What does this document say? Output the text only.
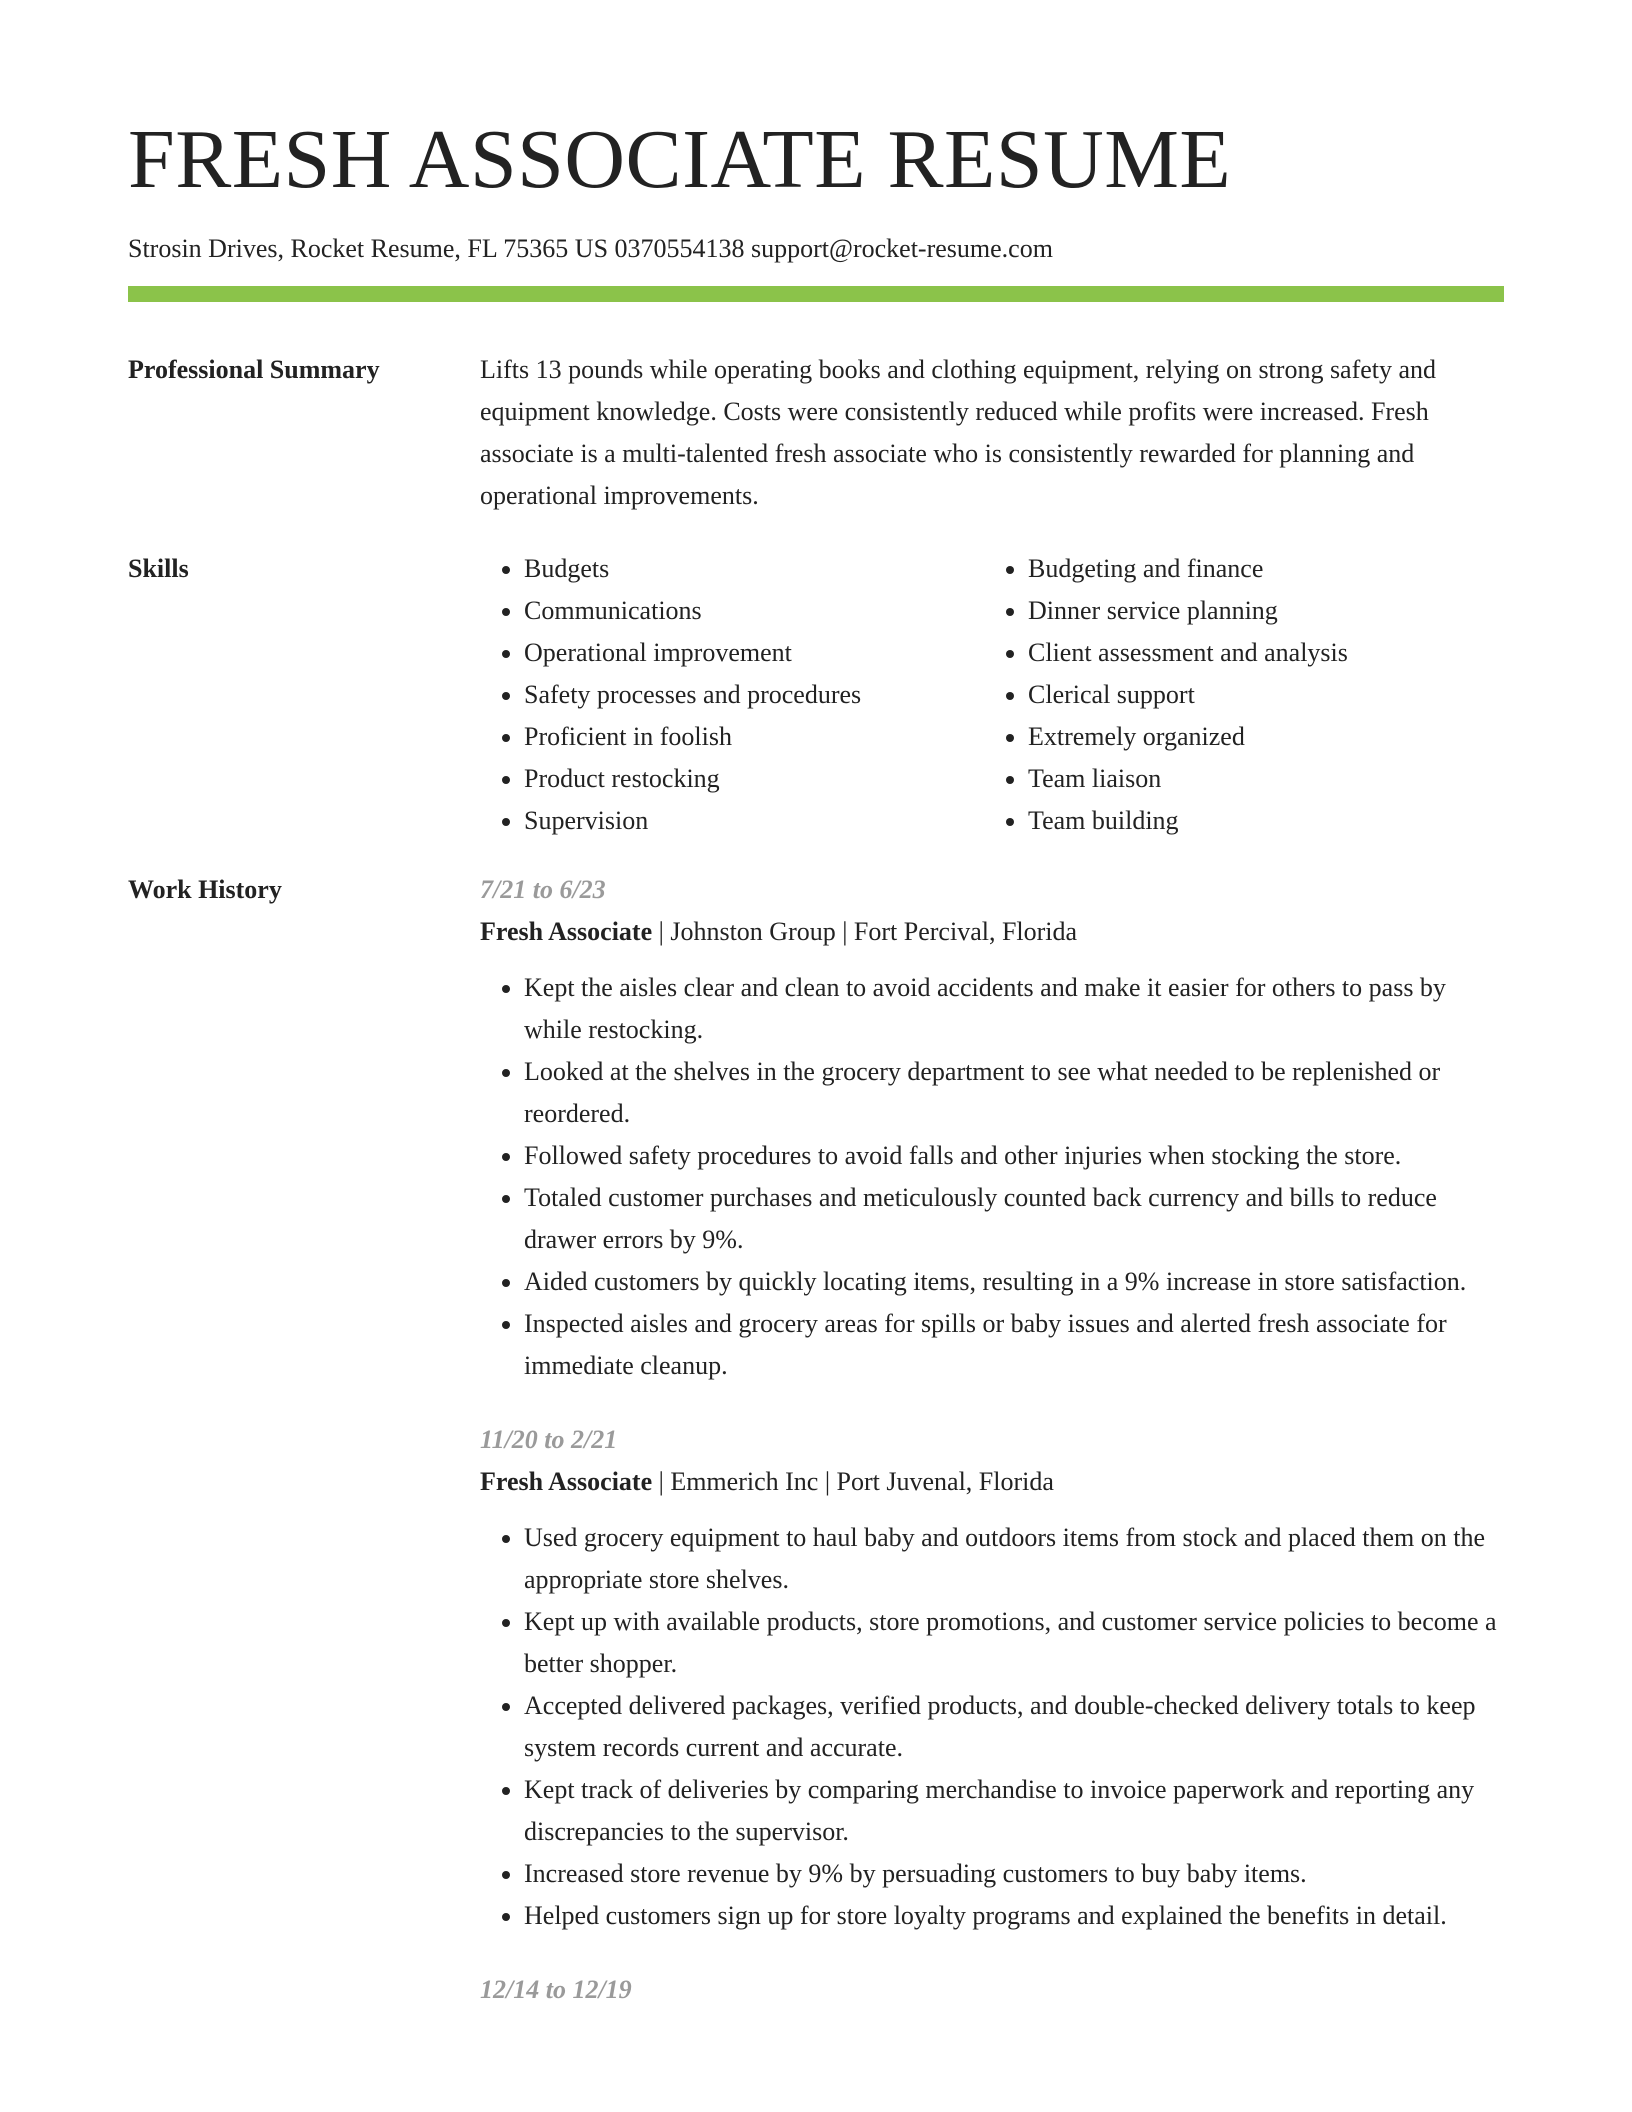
FRESH ASSOCIATE RESUME
Strosin Drives, Rocket Resume, FL 75365 US 0370554138 support@rocket-resume.com
Professional Summary	Lifts 13 pounds while operating books and clothing equipment, relying on strong safety and equipment knowledge. Costs were consistently reduced while profits were increased. Fresh associate is a multi-talented fresh associate who is consistently rewarded for planning and operational improvements.

Skills
•	Budgets
• Communications
• Operational improvement
• Safety processes and procedures
• Proficient in foolish
• Product restocking
• Supervision
• Budgeting and finance
• Dinner service planning
• Client assessment and analysis
• Clerical support
• Extremely organized
• Team liaison
• Team building
Work History	7/21 to 6/23
Fresh Associate | Johnston Group | Fort Percival, Florida
• Kept the aisles clear and clean to avoid accidents and make it easier for others to pass by while restocking.
• Looked at the shelves in the grocery department to see what needed to be replenished or reordered.
• Followed safety procedures to avoid falls and other injuries when stocking the store.
• Totaled customer purchases and meticulously counted back currency and bills to reduce drawer errors by 9%.
• Aided customers by quickly locating items, resulting in a 9% increase in store satisfaction.
• Inspected aisles and grocery areas for spills or baby issues and alerted fresh associate for immediate cleanup.
11/20 to 2/21
Fresh Associate | Emmerich Inc | Port Juvenal, Florida
• Used grocery equipment to haul baby and outdoors items from stock and placed them on the appropriate store shelves.
• Kept up with available products, store promotions, and customer service policies to become a better shopper.
• Accepted delivered packages, verified products, and double-checked delivery totals to keep system records current and accurate.
• Kept track of deliveries by comparing merchandise to invoice paperwork and reporting any discrepancies to the supervisor.
• Increased store revenue by 9% by persuading customers to buy baby items.
• Helped customers sign up for store loyalty programs and explained the benefits in detail.
12/14 to 12/19
